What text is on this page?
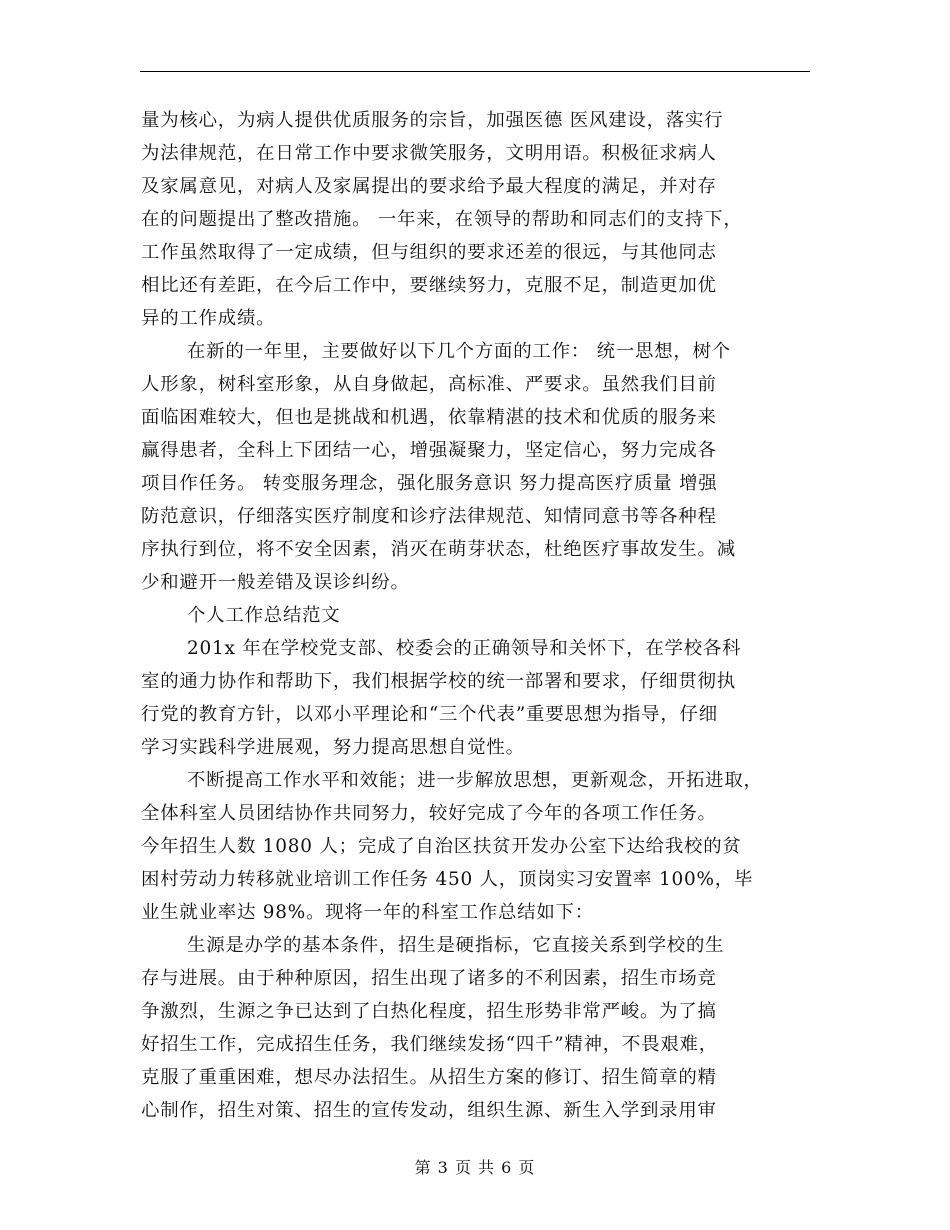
量为核心，为病人提供优质服务的宗旨，加强医德 医风建设，落实行
为法律规范，在日常工作中要求微笑服务，文明用语。积极征求病人
及家属意见，对病人及家属提出的要求给予最大程度的满足，并对存
在的问题提出了整改措施。 一年来，在领导的帮助和同志们的支持下，
工作虽然取得了一定成绩，但与组织的要求还差的很远，与其他同志
相比还有差距，在今后工作中，要继续努力，克服不足，制造更加优
异的工作成绩。
在新的一年里，主要做好以下几个方面的工作： 统一思想，树个
人形象，树科室形象，从自身做起，高标准、严要求。虽然我们目前
面临困难较大，但也是挑战和机遇，依靠精湛的技术和优质的服务来
赢得患者，全科上下团结一心，增强凝聚力，坚定信心，努力完成各
项目作任务。 转变服务理念，强化服务意识 努力提高医疗质量 增强
防范意识，仔细落实医疗制度和诊疗法律规范、知情同意书等各种程
序执行到位，将不安全因素，消灭在萌芽状态，杜绝医疗事故发生。减
少和避开一般差错及误诊纠纷。
个人工作总结范文
201x 年在学校党支部、校委会的正确领导和关怀下，在学校各科
室的通力协作和帮助下，我们根据学校的统一部署和要求，仔细贯彻执
行党的教育方针，以邓小平理论和“三个代表”重要思想为指导，仔细
学习实践科学进展观，努力提高思想自觉性。
不断提高工作水平和效能；进一步解放思想，更新观念，开拓进取，
全体科室人员团结协作共同努力，较好完成了今年的各项工作任务。
今年招生人数 1080 人；完成了自治区扶贫开发办公室下达给我校的贫
困村劳动力转移就业培训工作任务 450 人，顶岗实习安置率 100%，毕
业生就业率达 98%。现将一年的科室工作总结如下：
生源是办学的基本条件，招生是硬指标，它直接关系到学校的生
存与进展。由于种种原因，招生出现了诸多的不利因素，招生市场竞
争激烈，生源之争已达到了白热化程度，招生形势非常严峻。为了搞
好招生工作，完成招生任务，我们继续发扬“四千”精神，不畏艰难，
克服了重重困难，想尽办法招生。从招生方案的修订、招生简章的精
心制作，招生对策、招生的宣传发动，组织生源、新生入学到录用审
第 3 页 共 6 页
